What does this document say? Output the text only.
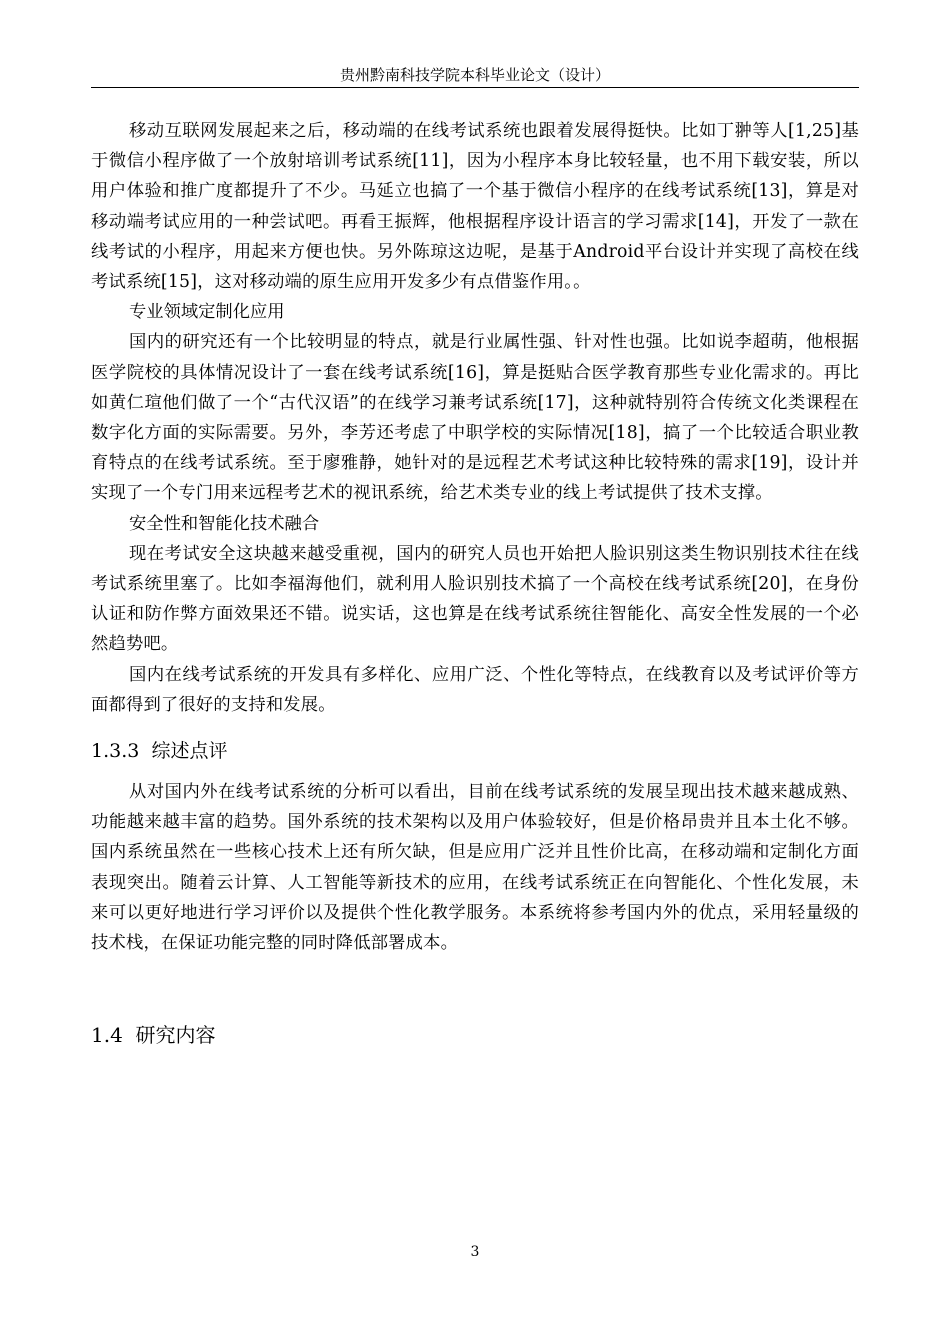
贵州黔南科技学院本科毕业论文（设计）

移动互联网发展起来之后，移动端的在线考试系统也跟着发展得挺快。比如丁翀等人[1,25]基于微信小程序做了一个放射培训考试系统[11]，因为小程序本身比较轻量，也不用下载安装，所以用户体验和推广度都提升了不少。马延立也搞了一个基于微信小程序的在线考试系统[13]，算是对移动端考试应用的一种尝试吧。再看王振辉，他根据程序设计语言的学习需求[14]，开发了一款在线考试的小程序，用起来方便也快。另外陈琼这边呢，是基于Android平台设计并实现了高校在线考试系统[15]，这对移动端的原生应用开发多少有点借鉴作用。。

专业领域定制化应用

国内的研究还有一个比较明显的特点，就是行业属性强、针对性也强。比如说李超萌，他根据医学院校的具体情况设计了一套在线考试系统[16]，算是挺贴合医学教育那些专业化需求的。再比如黄仁瑄他们做了一个“古代汉语”的在线学习兼考试系统[17]，这种就特别符合传统文化类课程在数字化方面的实际需要。另外，李芳还考虑了中职学校的实际情况[18]，搞了一个比较适合职业教育特点的在线考试系统。至于廖雅静，她针对的是远程艺术考试这种比较特殊的需求[19]，设计并实现了一个专门用来远程考艺术的视讯系统，给艺术类专业的线上考试提供了技术支撑。

安全性和智能化技术融合

现在考试安全这块越来越受重视，国内的研究人员也开始把人脸识别这类生物识别技术往在线考试系统里塞了。比如李福海他们，就利用人脸识别技术搞了一个高校在线考试系统[20]，在身份认证和防作弊方面效果还不错。说实话，这也算是在线考试系统往智能化、高安全性发展的一个必然趋势吧。

国内在线考试系统的开发具有多样化、应用广泛、个性化等特点，在线教育以及考试评价等方面都得到了很好的支持和发展。

1.3.3 综述点评

从对国内外在线考试系统的分析可以看出，目前在线考试系统的发展呈现出技术越来越成熟、功能越来越丰富的趋势。国外系统的技术架构以及用户体验较好，但是价格昂贵并且本土化不够。国内系统虽然在一些核心技术上还有所欠缺，但是应用广泛并且性价比高，在移动端和定制化方面表现突出。随着云计算、人工智能等新技术的应用，在线考试系统正在向智能化、个性化发展，未来可以更好地进行学习评价以及提供个性化教学服务。本系统将参考国内外的优点，采用轻量级的技术栈，在保证功能完整的同时降低部署成本。

1.4 研究内容
3
